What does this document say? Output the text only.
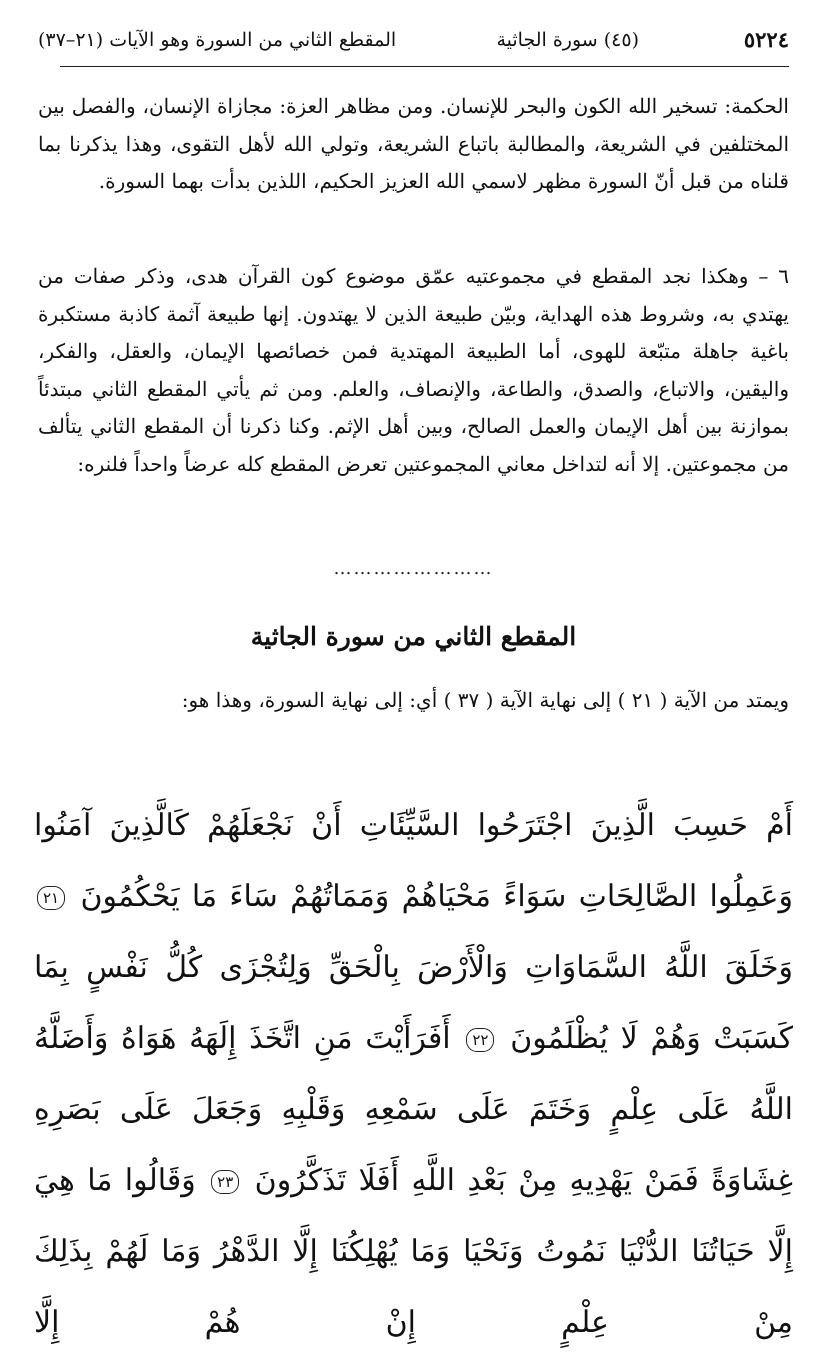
٥٢٢٤
(٤٥) سورة الجاثية
المقطع الثاني من السورة وهو الآيات (٢١–٣٧)

الحكمة: تسخير الله الكون والبحر للإنسان. ومن مظاهر العزة: مجازاة الإنسان، والفصل بين المختلفين في الشريعة، والمطالبة باتباع الشريعة، وتولي الله لأهل التقوى، وهذا يذكرنا بما قلناه من قبل أنّ السورة مظهر لاسمي الله العزيز الحكيم، اللذين بدأت بهما السورة.

٦ – وهكذا نجد المقطع في مجموعتيه عمّق موضوع كون القرآن هدى، وذكر صفات من يهتدي به، وشروط هذه الهداية، وبيّن طبيعة الذين لا يهتدون. إنها طبيعة آثمة كاذبة مستكبرة باغية جاهلة متبّعة للهوى، أما الطبيعة المهتدية فمن خصائصها الإيمان، والعقل، والفكر، واليقين، والاتباع، والصدق، والطاعة، والإنصاف، والعلم. ومن ثم يأتي المقطع الثاني مبتدئاً بموازنة بين أهل الإيمان والعمل الصالح، وبين أهل الإثم. وكنا ذكرنا أن المقطع الثاني يتألف من مجموعتين. إلا أنه لتداخل معاني المجموعتين تعرض المقطع كله عرضاً واحداً فلنره:

……………………
المقطع الثاني من سورة الجاثية

ويمتد من الآية ( ٢١ ) إلى نهاية الآية ( ٣٧ ) أي: إلى نهاية السورة، وهذا هو:

أَمْ حَسِبَ الَّذِينَ اجْتَرَحُوا السَّيِّئَاتِ أَنْ نَجْعَلَهُمْ كَالَّذِينَ آمَنُوا وَعَمِلُوا الصَّالِحَاتِ سَوَاءً مَحْيَاهُمْ وَمَمَاتُهُمْ سَاءَ مَا يَحْكُمُونَ ٢١ وَخَلَقَ اللَّهُ السَّمَاوَاتِ وَالْأَرْضَ بِالْحَقِّ وَلِتُجْزَى كُلُّ نَفْسٍ بِمَا كَسَبَتْ وَهُمْ لَا يُظْلَمُونَ ٢٢ أَفَرَأَيْتَ مَنِ اتَّخَذَ إِلَهَهُ هَوَاهُ وَأَضَلَّهُ اللَّهُ عَلَى عِلْمٍ وَخَتَمَ عَلَى سَمْعِهِ وَقَلْبِهِ وَجَعَلَ عَلَى بَصَرِهِ غِشَاوَةً فَمَنْ يَهْدِيهِ مِنْ بَعْدِ اللَّهِ أَفَلَا تَذَكَّرُونَ ٢٣ وَقَالُوا مَا هِيَ إِلَّا حَيَاتُنَا الدُّنْيَا نَمُوتُ وَنَحْيَا وَمَا يُهْلِكُنَا إِلَّا الدَّهْرُ وَمَا لَهُمْ بِذَلِكَ مِنْ عِلْمٍ إِنْ هُمْ إِلَّا
